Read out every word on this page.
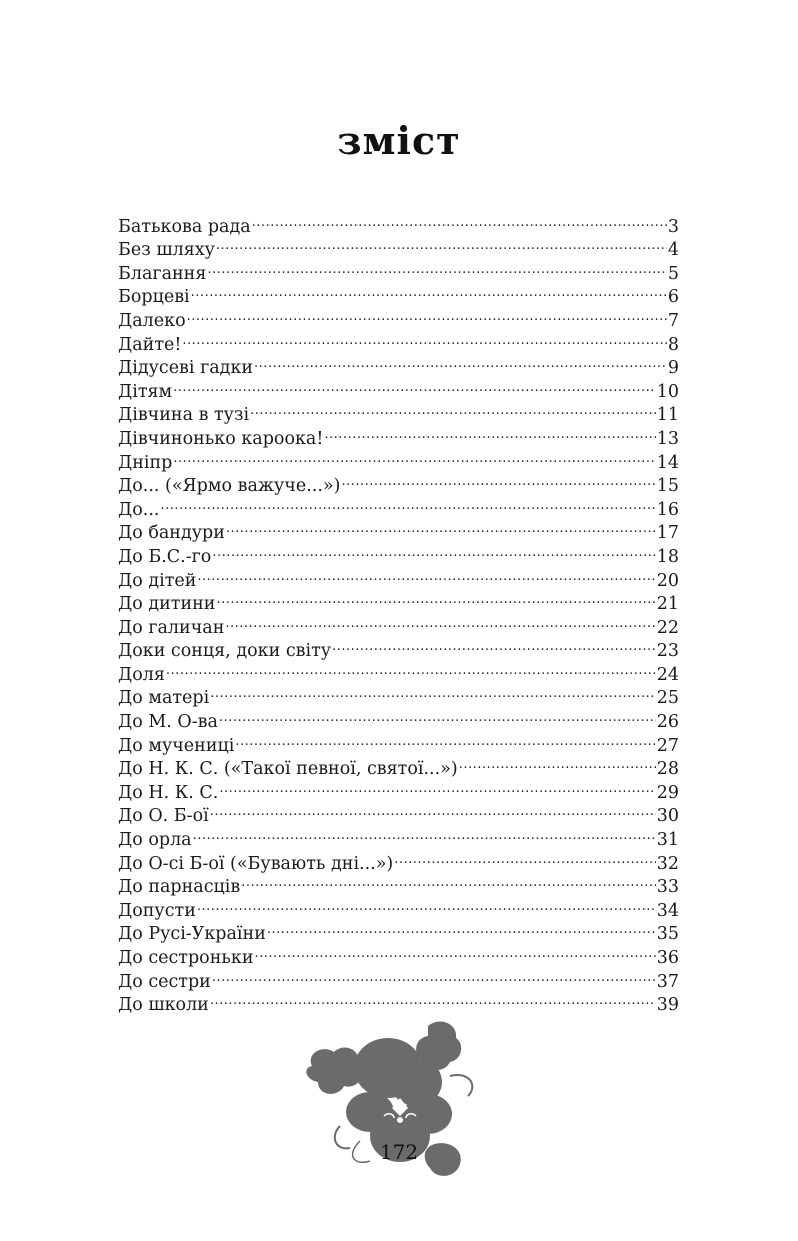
зміст
Батькова рада .....	3
Без шляху .....	4
Благання .....	5
Борцеві .....	6
Далеко .....	7
Дайте! .....	8
Дідусеві гадки .....	9
Дітям .....	10
Дівчина в тузі .....	11
Дівчинонько кароока! .....	13
Дніпр .....	14
До... («Ярмо важуче...») .....	15
До... .....	16
До бандури .....	17
До Б.С.-го .....	18
До дітей .....	20
До дитини .....	21
До галичан .....	22
Доки сонця, доки світу .....	23
Доля .....	24
До матері .....	25
До М. О-ва .....	26
До мучениці .....	27
До Н. К. С. («Такої певної, святої...») .....	28
До Н. К. С. .....	29
До О. Б-ої .....	30
До орла .....	31
До О-сі Б-ої («Бувають дні...») .....	32
До парнасців .....	33
Допусти .....	34
До Русі-України .....	35
До сестроньки .....	36
До сестри .....	37
До школи .....	39
172
